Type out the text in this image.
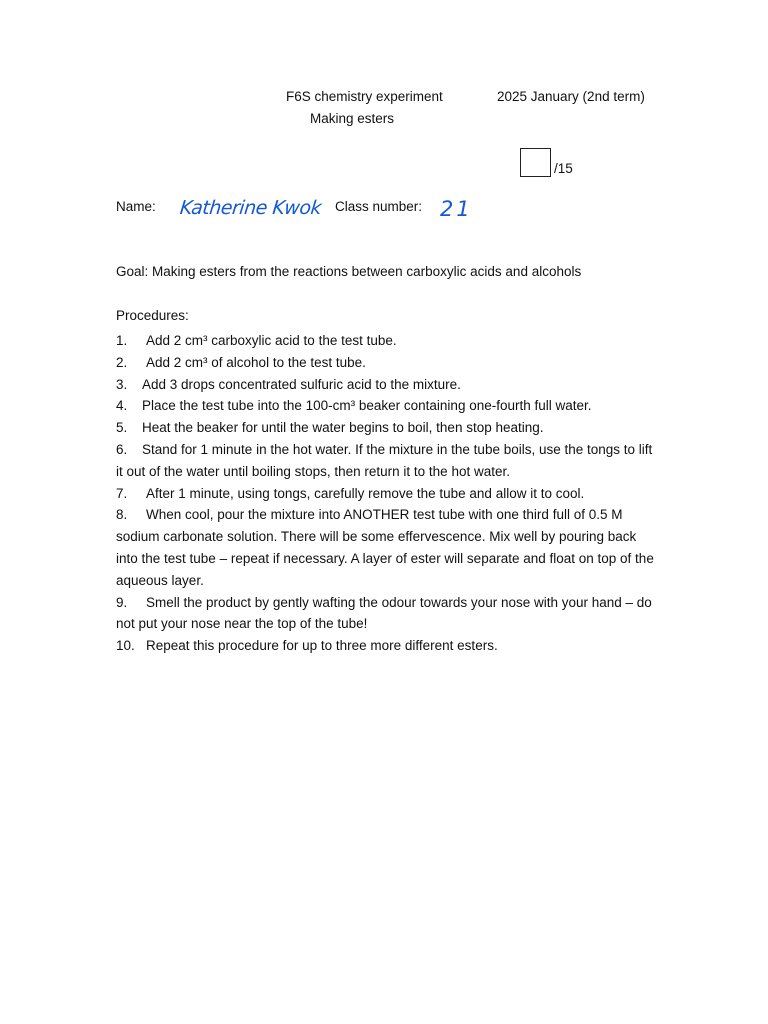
F6S chemistry experiment	2025 January (2nd term)
Making esters
/15
Name: Katherine Kwok Class number: 21
Goal: Making esters from the reactions between carboxylic acids and alcohols
Procedures:
1. Add 2 cm³ carboxylic acid to the test tube.
2. Add 2 cm³ of alcohol to the test tube.
3. Add 3 drops concentrated sulfuric acid to the mixture.
4. Place the test tube into the 100-cm³ beaker containing one-fourth full water.
5. Heat the beaker for until the water begins to boil, then stop heating.
6. Stand for 1 minute in the hot water. If the mixture in the tube boils, use the tongs to lift it out of the water until boiling stops, then return it to the hot water.
7. After 1 minute, using tongs, carefully remove the tube and allow it to cool.
8. When cool, pour the mixture into ANOTHER test tube with one third full of 0.5 M sodium carbonate solution. There will be some effervescence. Mix well by pouring back into the test tube – repeat if necessary. A layer of ester will separate and float on top of the aqueous layer.
9. Smell the product by gently wafting the odour towards your nose with your hand – do not put your nose near the top of the tube!
10. Repeat this procedure for up to three more different esters.
